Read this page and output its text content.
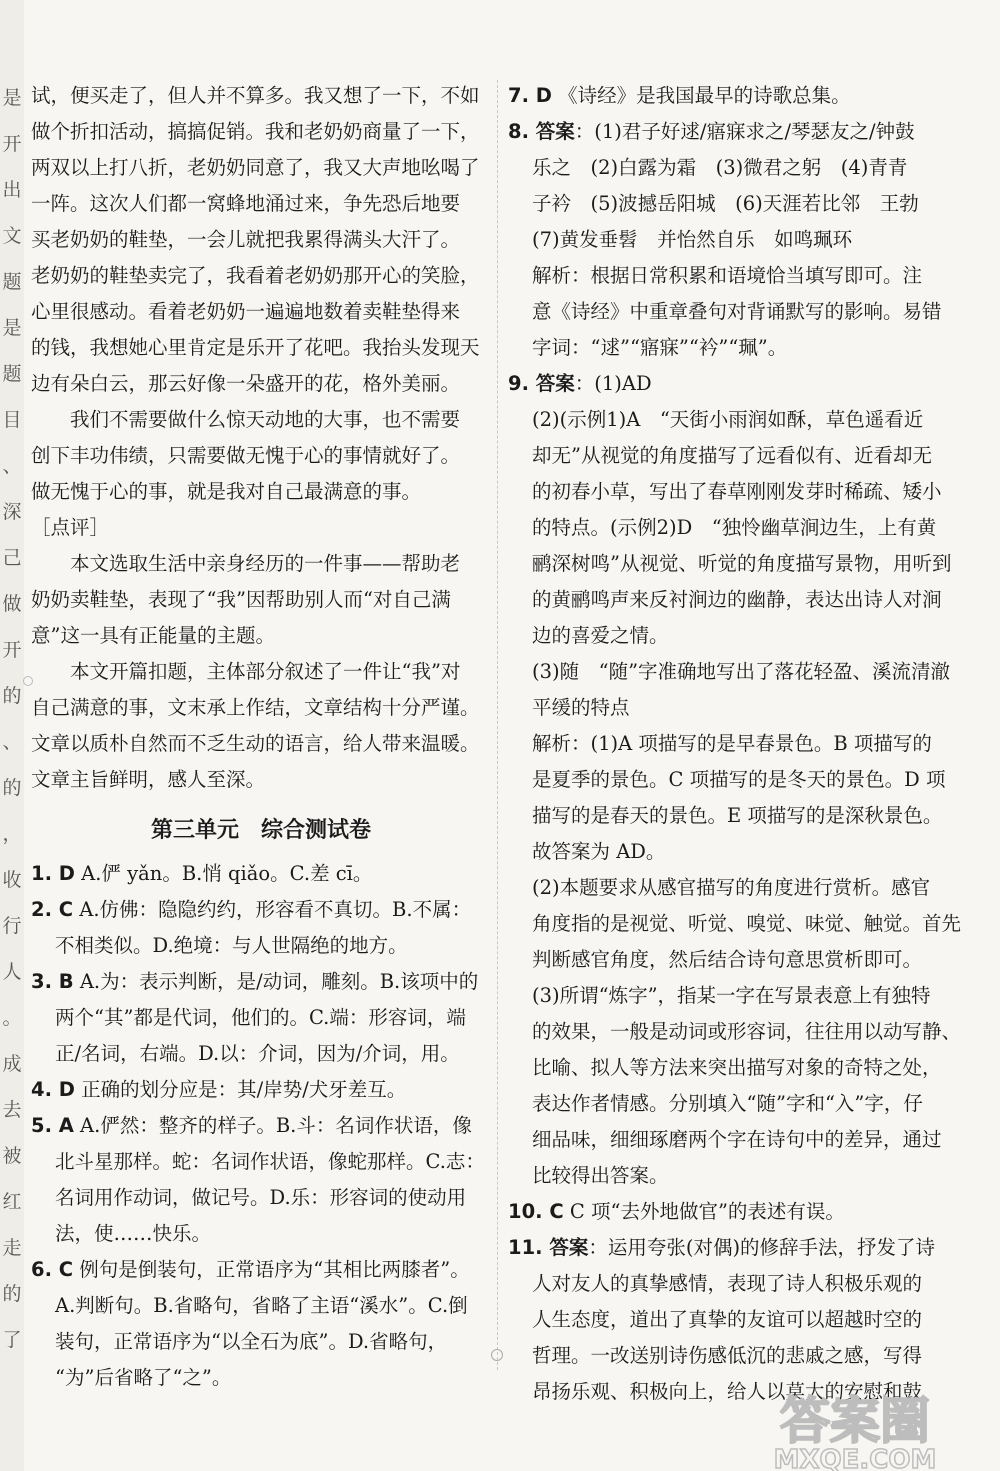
是
开
出
文
题
是
题
目
、
深
己
做
开
的
、
的
，
收
行
人
。
成
去
被
红
走
的
了
试，便买走了，但人并不算多。我又想了一下，不如
做个折扣活动，搞搞促销。我和老奶奶商量了一下，
两双以上打八折，老奶奶同意了，我又大声地吆喝了
一阵。这次人们都一窝蜂地涌过来，争先恐后地要
买老奶奶的鞋垫，一会儿就把我累得满头大汗了。
老奶奶的鞋垫卖完了，我看着老奶奶那开心的笑脸，
心里很感动。看着老奶奶一遍遍地数着卖鞋垫得来
的钱，我想她心里肯定是乐开了花吧。我抬头发现天
边有朵白云，那云好像一朵盛开的花，格外美丽。
我们不需要做什么惊天动地的大事，也不需要
创下丰功伟绩，只需要做无愧于心的事情就好了。
做无愧于心的事，就是我对自己最满意的事。
［点评］
本文选取生活中亲身经历的一件事——帮助老
奶奶卖鞋垫，表现了“我”因帮助别人而“对自己满
意”这一具有正能量的主题。
本文开篇扣题，主体部分叙述了一件让“我”对
自己满意的事，文末承上作结，文章结构十分严谨。
文章以质朴自然而不乏生动的语言，给人带来温暖。
文章主旨鲜明，感人至深。
第三单元　综合测试卷
1. D A.俨 yǎn。B.悄 qiǎo。C.差 cī。
2. C A.仿佛：隐隐约约，形容看不真切。B.不属：
不相类似。D.绝境：与人世隔绝的地方。
3. B A.为：表示判断，是/动词，雕刻。B.该项中的
两个“其”都是代词，他们的。C.端：形容词，端
正/名词，右端。D.以：介词，因为/介词，用。
4. D 正确的划分应是：其/岸势/犬牙差互。
5. A A.俨然：整齐的样子。B.斗：名词作状语，像
北斗星那样。蛇：名词作状语，像蛇那样。C.志：
名词用作动词，做记号。D.乐：形容词的使动用
法，使……快乐。
6. C 例句是倒装句，正常语序为“其相比两膝者”。
A.判断句。B.省略句，省略了主语“溪水”。C.倒
装句，正常语序为“以全石为底”。D.省略句，
“为”后省略了“之”。
7. D 《诗经》是我国最早的诗歌总集。
8. 答案：(1)君子好逑/寤寐求之/琴瑟友之/钟鼓
乐之　(2)白露为霜　(3)微君之躬　(4)青青
子衿　(5)波撼岳阳城　(6)天涯若比邻　王勃
(7)黄发垂髫　并怡然自乐　如鸣珮环
解析：根据日常积累和语境恰当填写即可。注
意《诗经》中重章叠句对背诵默写的影响。易错
字词：“逑”“寤寐”“衿”“珮”。
9. 答案：(1)AD
(2)(示例1)A　“天街小雨润如酥，草色遥看近
却无”从视觉的角度描写了远看似有、近看却无
的初春小草，写出了春草刚刚发芽时稀疏、矮小
的特点。(示例2)D　“独怜幽草涧边生，上有黄
鹂深树鸣”从视觉、听觉的角度描写景物，用听到
的黄鹂鸣声来反衬涧边的幽静，表达出诗人对涧
边的喜爱之情。
(3)随　“随”字准确地写出了落花轻盈、溪流清澈
平缓的特点
解析：(1)A 项描写的是早春景色。B 项描写的
是夏季的景色。C 项描写的是冬天的景色。D 项
描写的是春天的景色。E 项描写的是深秋景色。
故答案为 AD。
(2)本题要求从感官描写的角度进行赏析。感官
角度指的是视觉、听觉、嗅觉、味觉、触觉。首先
判断感官角度，然后结合诗句意思赏析即可。
(3)所谓“炼字”，指某一字在写景表意上有独特
的效果，一般是动词或形容词，往往用以动写静、
比喻、拟人等方法来突出描写对象的奇特之处，
表达作者情感。分别填入“随”字和“入”字，仔
细品味，细细琢磨两个字在诗句中的差异，通过
比较得出答案。
10. C C 项“去外地做官”的表述有误。
11. 答案：运用夸张(对偶)的修辞手法，抒发了诗
人对友人的真挚感情，表现了诗人积极乐观的
人生态度，道出了真挚的友谊可以超越时空的
哲理。一改送别诗伤感低沉的悲戚之感，写得
昂扬乐观、积极向上，给人以莫大的安慰和鼓
答案圈
MXQE.COM
